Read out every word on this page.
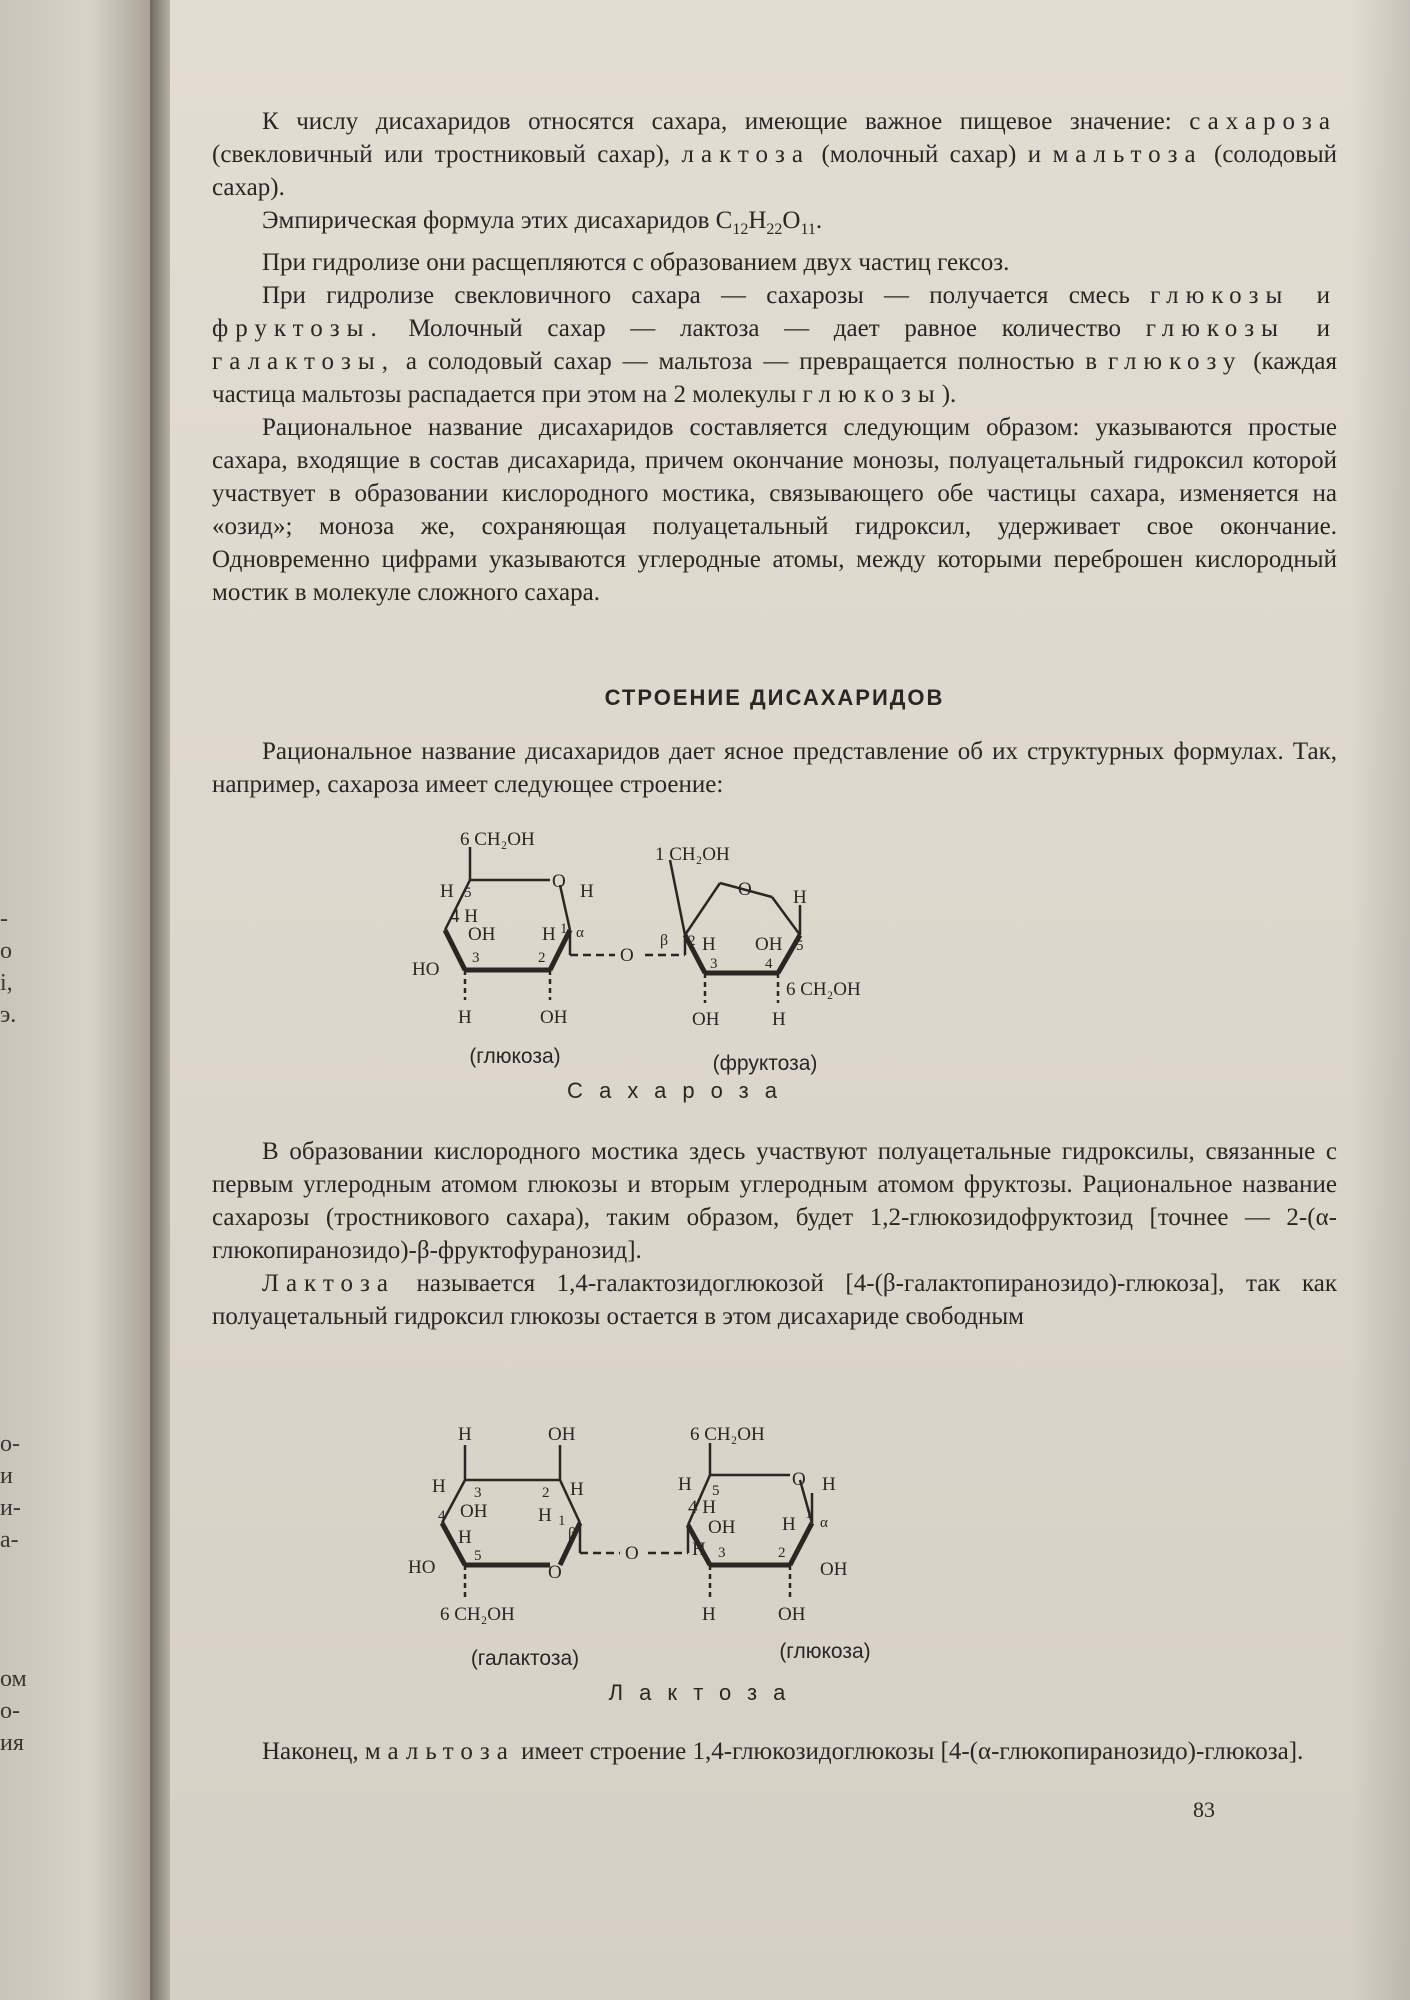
-
о
і,
э.
о-
и
и-
а-
ом
о-
ия

К числу дисахаридов относятся сахара, имеющие важное пищевое значение: сахароза (свекловичный или тростниковый сахар), лактоза (молочный сахар) и мальтоза (солодовый сахар).

Эмпирическая формула этих дисахаридов $C_{12}H_{22}O_{11}$.

При гидролизе они расщепляются с образованием двух частиц гексоз.

При гидролизе свекловичного сахара — сахарозы — получается смесь глюкозы и фруктозы. Молочный сахар — лактоза — дает равное количество глюкозы и галактозы, а солодовый сахар — мальтоза — превращается полностью в глюкозу (каждая частица мальтозы распадается при этом на 2 молекулы глюкозы).

Рациональное название дисахаридов составляется следующим образом: указываются простые сахара, входящие в состав дисахарида, причем окончание монозы, полуацетальный гидроксил которой участвует в образовании кислородного мостика, связывающего обе частицы сахара, изменяется на «озид»; моноза же, сохраняющая полуацетальный гидроксил, удерживает свое окончание. Одновременно цифрами указываются углеродные атомы, между которыми переброшен кислородный мостик в молекуле сложного сахара.

СТРОЕНИЕ ДИСАХАРИДОВ

Рациональное название дисахаридов дает ясное представление об их структурных формулах. Так, например, сахароза имеет следующее строение:

6 CH₂OH
O
H 5	H
4 H
OH
3	2
H 1 α
HO
H	OH
O
1 CH₂OH
O H
β 2 H OH 5
3	4
6 CH₂OH
OH	H
(глюкоза)	(фруктоза)
Сахароза

В образовании кислородного мостика здесь участвуют полуацетальные гидроксилы, связанные с первым углеродным атомом глюкозы и вторым углеродным атомом фруктозы. Рациональное название сахарозы (тростникового сахара), таким образом, будет 1,2-глюкозидофруктозид [точнее — 2-(α-глюкопиранозидо)-β-фруктофуранозид].

Лактоза называется 1,4-галактозидоглюкозой [4-(β-галактопиранозидо)-глюкоза], так как полуацетальный гидроксил глюкозы остается в этом дисахариде свободным

H	OH
H 3	2 H
4 OH	H 1
β
H
5
HO	O
6 CH₂OH
O
6 CH₂OH
O H
H 5
4 H
OH H 1
α
H 3	2
OH
H	OH
(галактоза)	(глюкоза)
Лактоза

Наконец, мальтоза имеет строение 1,4-глюкозидоглюкозы [4-(α-глюкопиранозидо)-глюкоза].

83
